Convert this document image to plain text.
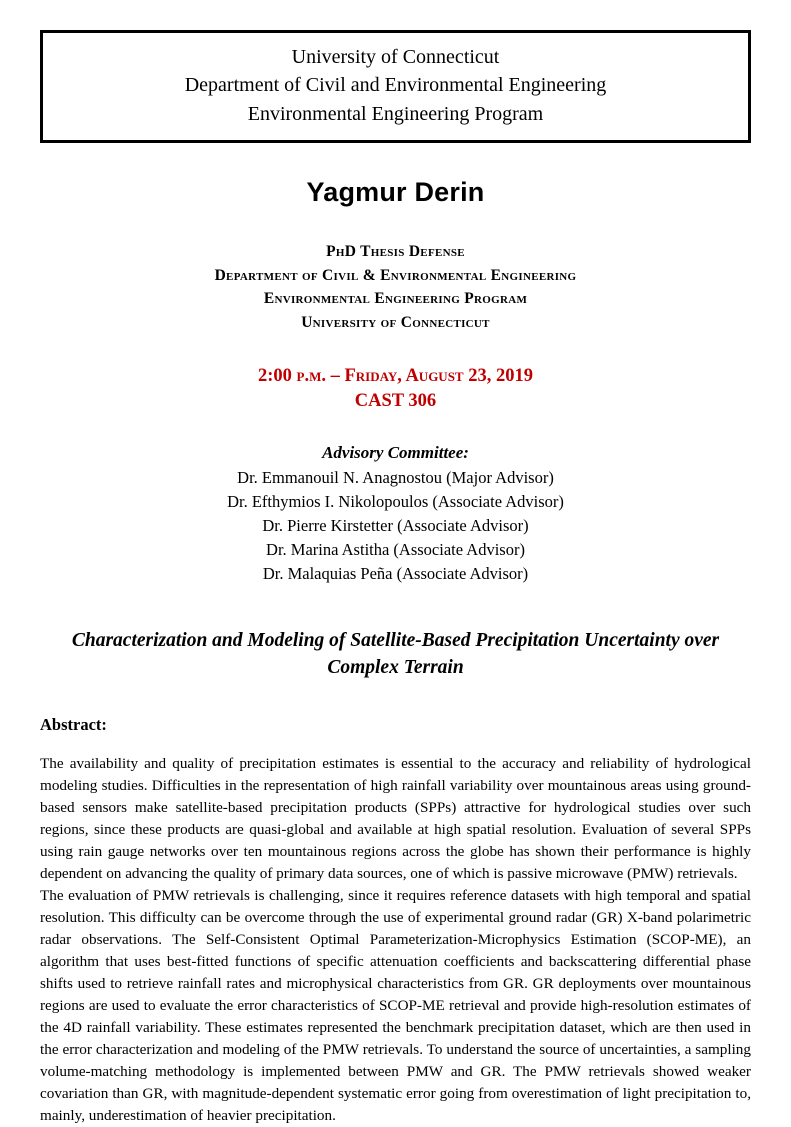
University of Connecticut
Department of Civil and Environmental Engineering
Environmental Engineering Program
Yagmur Derin
PhD Thesis Defense
Department of Civil & Environmental Engineering
Environmental Engineering Program
University of Connecticut
2:00 p.m. – Friday, August 23, 2019
CAST 306
Advisory Committee:
Dr. Emmanouil N. Anagnostou (Major Advisor)
Dr. Efthymios I. Nikolopoulos (Associate Advisor)
Dr. Pierre Kirstetter (Associate Advisor)
Dr. Marina Astitha (Associate Advisor)
Dr. Malaquias Peña (Associate Advisor)
Characterization and Modeling of Satellite-Based Precipitation Uncertainty over Complex Terrain
Abstract:

The availability and quality of precipitation estimates is essential to the accuracy and reliability of hydrological modeling studies. Difficulties in the representation of high rainfall variability over mountainous areas using ground-based sensors make satellite-based precipitation products (SPPs) attractive for hydrological studies over such regions, since these products are quasi-global and available at high spatial resolution. Evaluation of several SPPs using rain gauge networks over ten mountainous regions across the globe has shown their performance is highly dependent on advancing the quality of primary data sources, one of which is passive microwave (PMW) retrievals.

The evaluation of PMW retrievals is challenging, since it requires reference datasets with high temporal and spatial resolution. This difficulty can be overcome through the use of experimental ground radar (GR) X-band polarimetric radar observations. The Self-Consistent Optimal Parameterization-Microphysics Estimation (SCOP-ME), an algorithm that uses best-fitted functions of specific attenuation coefficients and backscattering differential phase shifts used to retrieve rainfall rates and microphysical characteristics from GR. GR deployments over mountainous regions are used to evaluate the error characteristics of SCOP-ME retrieval and provide high-resolution estimates of the 4D rainfall variability. These estimates represented the benchmark precipitation dataset, which are then used in the error characterization and modeling of the PMW retrievals. To understand the source of uncertainties, a sampling volume-matching methodology is implemented between PMW and GR. The PMW retrievals showed weaker covariation than GR, with magnitude-dependent systematic error going from overestimation of light precipitation to, mainly, underestimation of heavier precipitation.
